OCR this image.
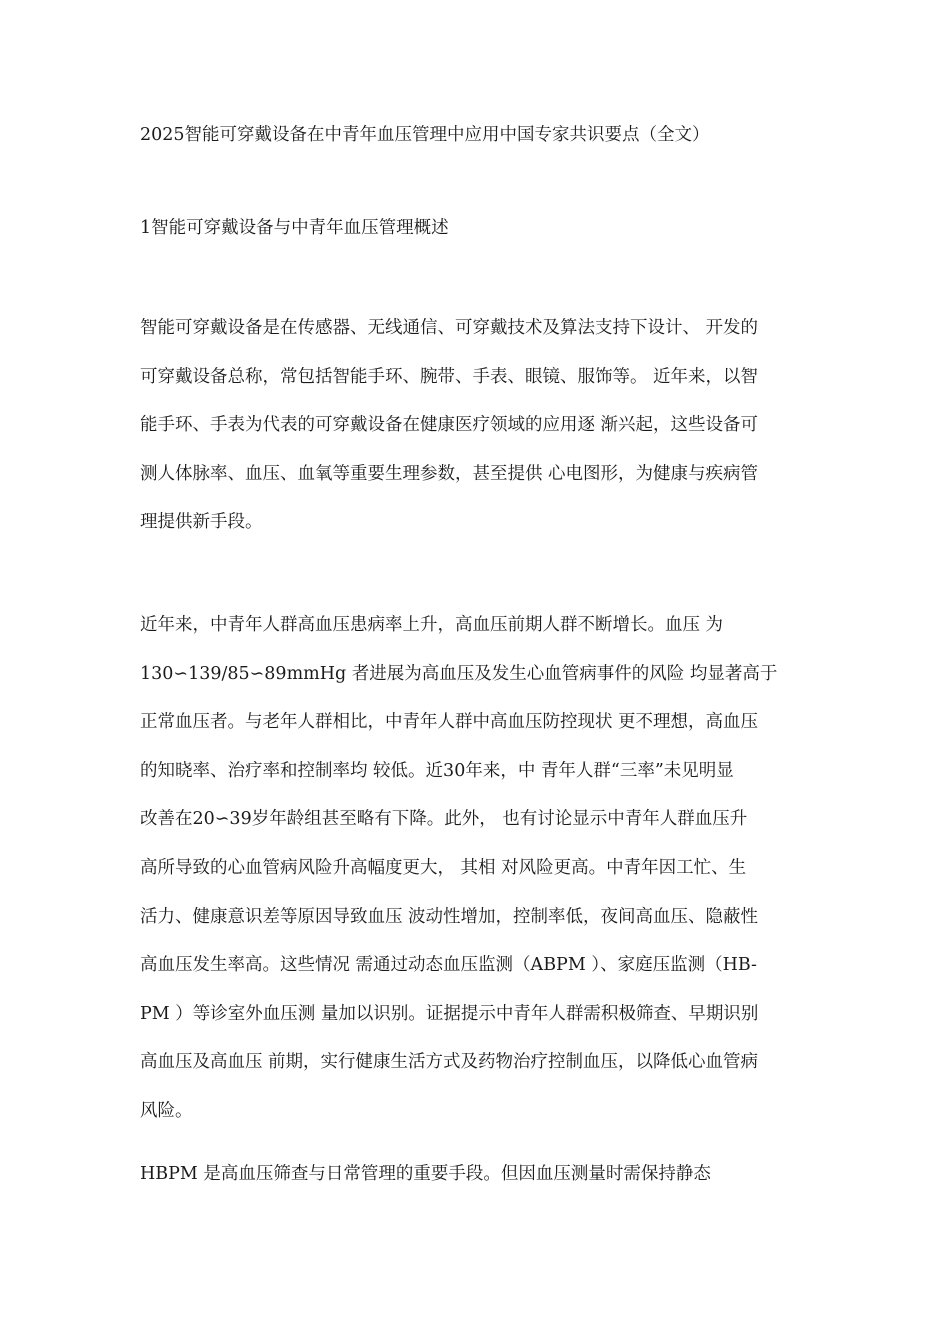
2025智能可穿戴设备在中青年血压管理中应用中国专家共识要点（全文）
1智能可穿戴设备与中青年血压管理概述
智能可穿戴设备是在传感器、无线通信、可穿戴技术及算法支持下设计、 开发的
可穿戴设备总称，常包括智能手环、腕带、手表、眼镜、服饰等。 近年来，以智
能手环、手表为代表的可穿戴设备在健康医疗领域的应用逐 渐兴起，这些设备可
测人体脉率、血压、血氧等重要生理参数，甚至提供 心电图形，为健康与疾病管
理提供新手段。
近年来，中青年人群高血压患病率上升，高血压前期人群不断增长。血压 为
130∽139/85∽89mmHg 者进展为高血压及发生心血管病事件的风险 均显著高于
正常血压者。与老年人群相比，中青年人群中高血压防控现状 更不理想，高血压
的知晓率、治疗率和控制率均 较低。近30年来，中 青年人群“三率”未见明显
改善在20∽39岁年龄组甚至略有下降。此外， 也有讨论显示中青年人群血压升
高所导致的心血管病风险升高幅度更大， 其相 对风险更高。中青年因工忙、生
活力、健康意识差等原因导致血压 波动性增加，控制率低，夜间高血压、隐蔽性
高血压发生率高。这些情况 需通过动态血压监测（ABPM ）、家庭压监测（HB-
PM ）等诊室外血压测 量加以识别。证据提示中青年人群需积极筛查、早期识别
高血压及高血压 前期，实行健康生活方式及药物治疗控制血压，以降低心血管病
风险。
HBPM 是高血压筛查与日常管理的重要手段。但因血压测量时需保持静态
